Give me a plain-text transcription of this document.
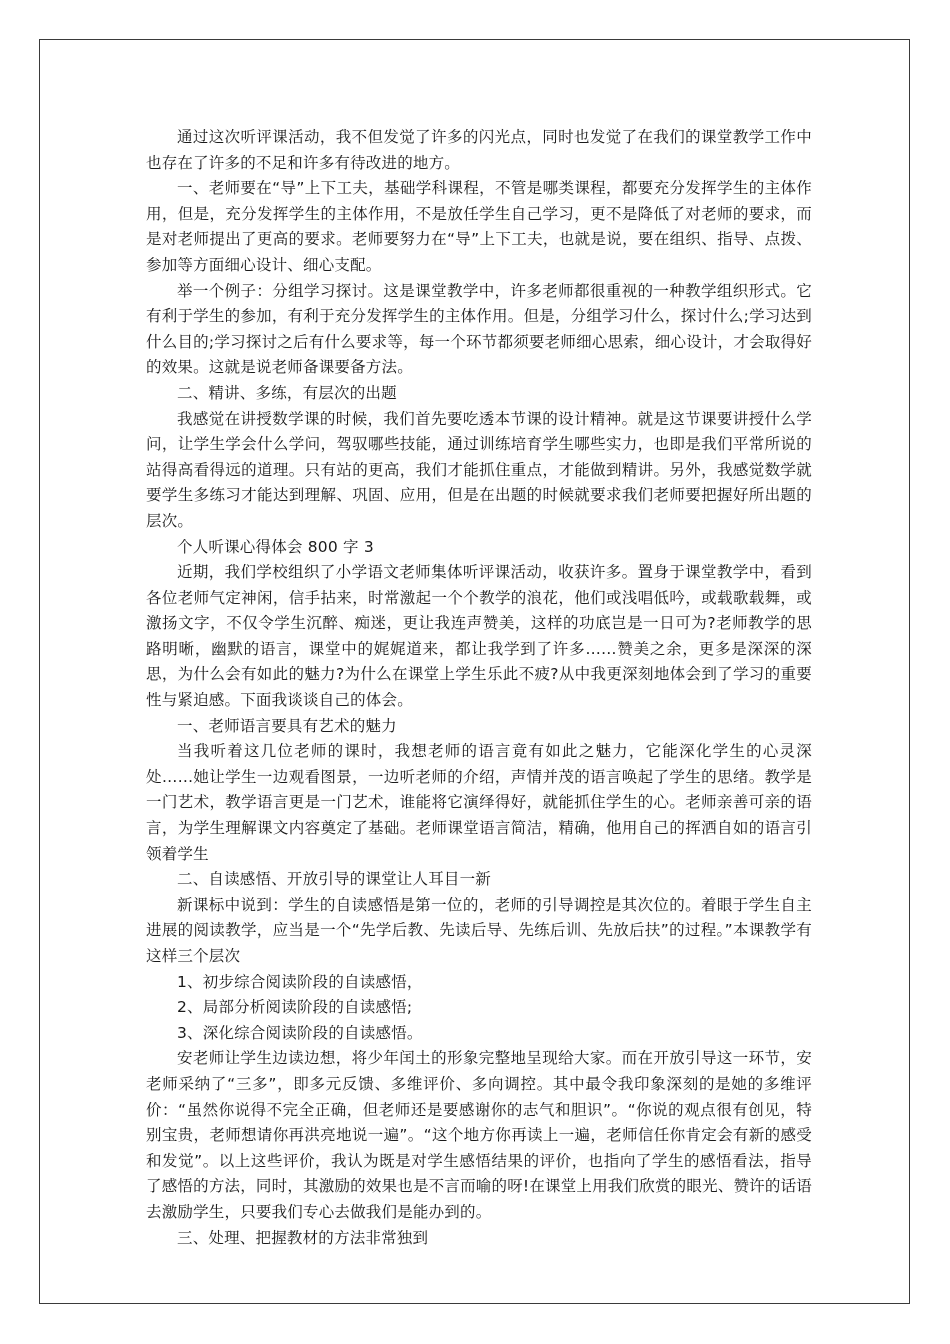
通过这次听评课活动，我不但发觉了许多的闪光点，同时也发觉了在我们的课堂教学工作中也存在了许多的不足和许多有待改进的地方。

一、老师要在“导”上下工夫，基础学科课程，不管是哪类课程，都要充分发挥学生的主体作用，但是，充分发挥学生的主体作用，不是放任学生自己学习，更不是降低了对老师的要求，而是对老师提出了更高的要求。老师要努力在“导”上下工夫，也就是说，要在组织、指导、点拨、参加等方面细心设计、细心支配。

举一个例子：分组学习探讨。这是课堂教学中，许多老师都很重视的一种教学组织形式。它有利于学生的参加，有利于充分发挥学生的主体作用。但是，分组学习什么，探讨什么;学习达到什么目的;学习探讨之后有什么要求等，每一个环节都须要老师细心思索，细心设计，才会取得好的效果。这就是说老师备课要备方法。

二、精讲、多练，有层次的出题

我感觉在讲授数学课的时候，我们首先要吃透本节课的设计精神。就是这节课要讲授什么学问，让学生学会什么学问，驾驭哪些技能，通过训练培育学生哪些实力，也即是我们平常所说的站得高看得远的道理。只有站的更高，我们才能抓住重点，才能做到精讲。另外，我感觉数学就要学生多练习才能达到理解、巩固、应用，但是在出题的时候就要求我们老师要把握好所出题的层次。

个人听课心得体会 800 字 3

近期，我们学校组织了小学语文老师集体听评课活动，收获许多。置身于课堂教学中，看到各位老师气定神闲，信手拈来，时常激起一个个教学的浪花，他们或浅唱低吟，或载歌载舞，或激扬文字，不仅令学生沉醉、痴迷，更让我连声赞美，这样的功底岂是一日可为?老师教学的思路明晰，幽默的语言，课堂中的娓娓道来，都让我学到了许多……赞美之余，更多是深深的深思，为什么会有如此的魅力?为什么在课堂上学生乐此不疲?从中我更深刻地体会到了学习的重要性与紧迫感。下面我谈谈自己的体会。

一、老师语言要具有艺术的魅力

当我听着这几位老师的课时，我想老师的语言竟有如此之魅力，它能深化学生的心灵深处……她让学生一边观看图景，一边听老师的介绍，声情并茂的语言唤起了学生的思绪。教学是一门艺术，教学语言更是一门艺术，谁能将它演绎得好，就能抓住学生的心。老师亲善可亲的语言，为学生理解课文内容奠定了基础。老师课堂语言简洁，精确，他用自己的挥洒自如的语言引领着学生

二、自读感悟、开放引导的课堂让人耳目一新

新课标中说到：学生的自读感悟是第一位的，老师的引导调控是其次位的。着眼于学生自主进展的阅读教学，应当是一个“先学后教、先读后导、先练后训、先放后扶”的过程。”本课教学有这样三个层次

1、初步综合阅读阶段的自读感悟，

2、局部分析阅读阶段的自读感悟;

3、深化综合阅读阶段的自读感悟。

安老师让学生边读边想，将少年闰土的形象完整地呈现给大家。而在开放引导这一环节，安老师采纳了“三多”，即多元反馈、多维评价、多向调控。其中最令我印象深刻的是她的多维评价：“虽然你说得不完全正确，但老师还是要感谢你的志气和胆识”。“你说的观点很有创见，特别宝贵，老师想请你再洪亮地说一遍”。“这个地方你再读上一遍，老师信任你肯定会有新的感受和发觉”。以上这些评价，我认为既是对学生感悟结果的评价，也指向了学生的感悟看法，指导了感悟的方法，同时，其激励的效果也是不言而喻的呀!在课堂上用我们欣赏的眼光、赞许的话语去激励学生，只要我们专心去做我们是能办到的。

三、处理、把握教材的方法非常独到
